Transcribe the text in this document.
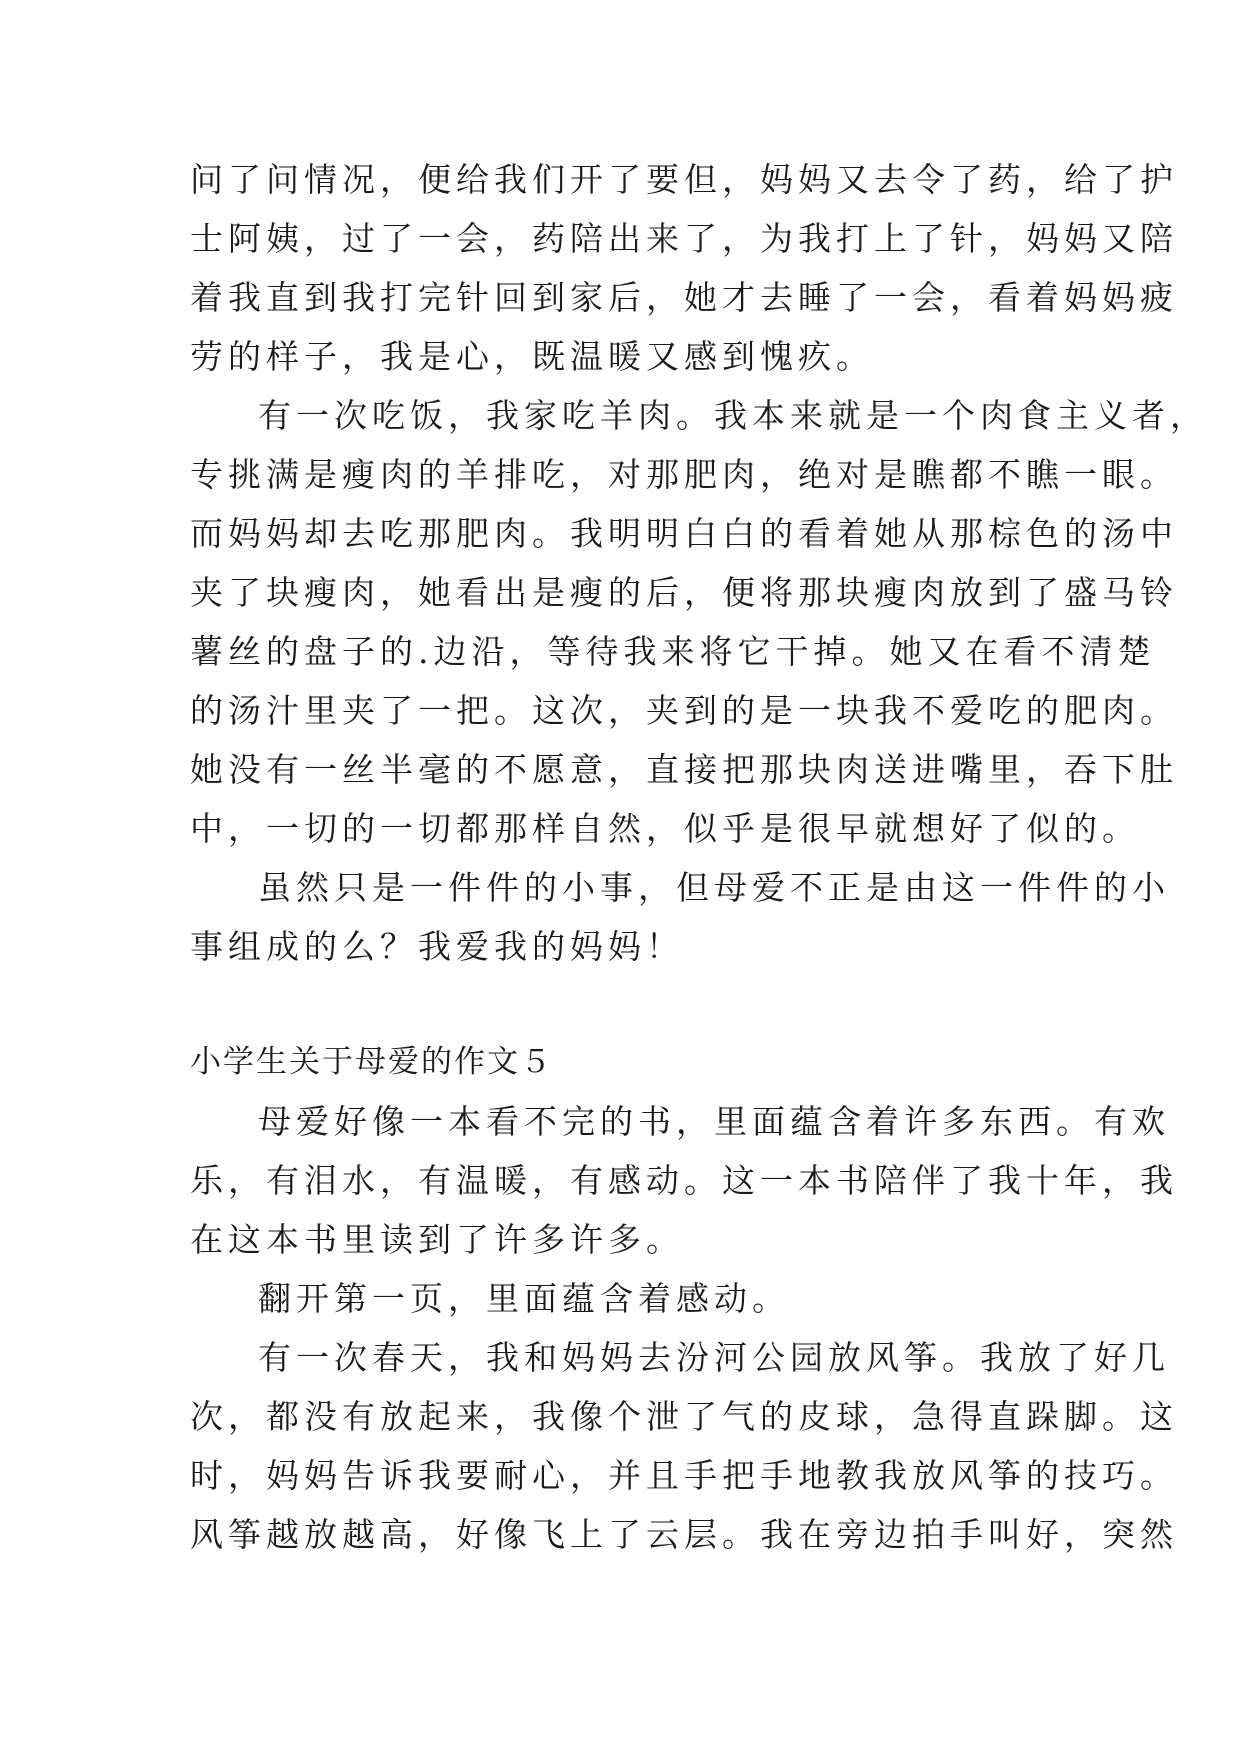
问了问情况，便给我们开了要但，妈妈又去令了药，给了护
士阿姨，过了一会，药陪出来了，为我打上了针，妈妈又陪
着我直到我打完针回到家后，她才去睡了一会，看着妈妈疲
劳的样子，我是心，既温暖又感到愧疚。
有一次吃饭，我家吃羊肉。我本来就是一个肉食主义者，
专挑满是瘦肉的羊排吃，对那肥肉，绝对是瞧都不瞧一眼。
而妈妈却去吃那肥肉。我明明白白的看着她从那棕色的汤中
夹了块瘦肉，她看出是瘦的后，便将那块瘦肉放到了盛马铃
薯丝的盘子的.边沿，等待我来将它干掉。她又在看不清楚
的汤汁里夹了一把。这次，夹到的是一块我不爱吃的肥肉。
她没有一丝半毫的不愿意，直接把那块肉送进嘴里，吞下肚
中，一切的一切都那样自然，似乎是很早就想好了似的。
虽然只是一件件的小事，但母爱不正是由这一件件的小
事组成的么？我爱我的妈妈！
小学生关于母爱的作文５
母爱好像一本看不完的书，里面蕴含着许多东西。有欢
乐，有泪水，有温暖，有感动。这一本书陪伴了我十年，我
在这本书里读到了许多许多。
翻开第一页，里面蕴含着感动。
有一次春天，我和妈妈去汾河公园放风筝。我放了好几
次，都没有放起来，我像个泄了气的皮球，急得直跺脚。这
时，妈妈告诉我要耐心，并且手把手地教我放风筝的技巧。
风筝越放越高，好像飞上了云层。我在旁边拍手叫好，突然
